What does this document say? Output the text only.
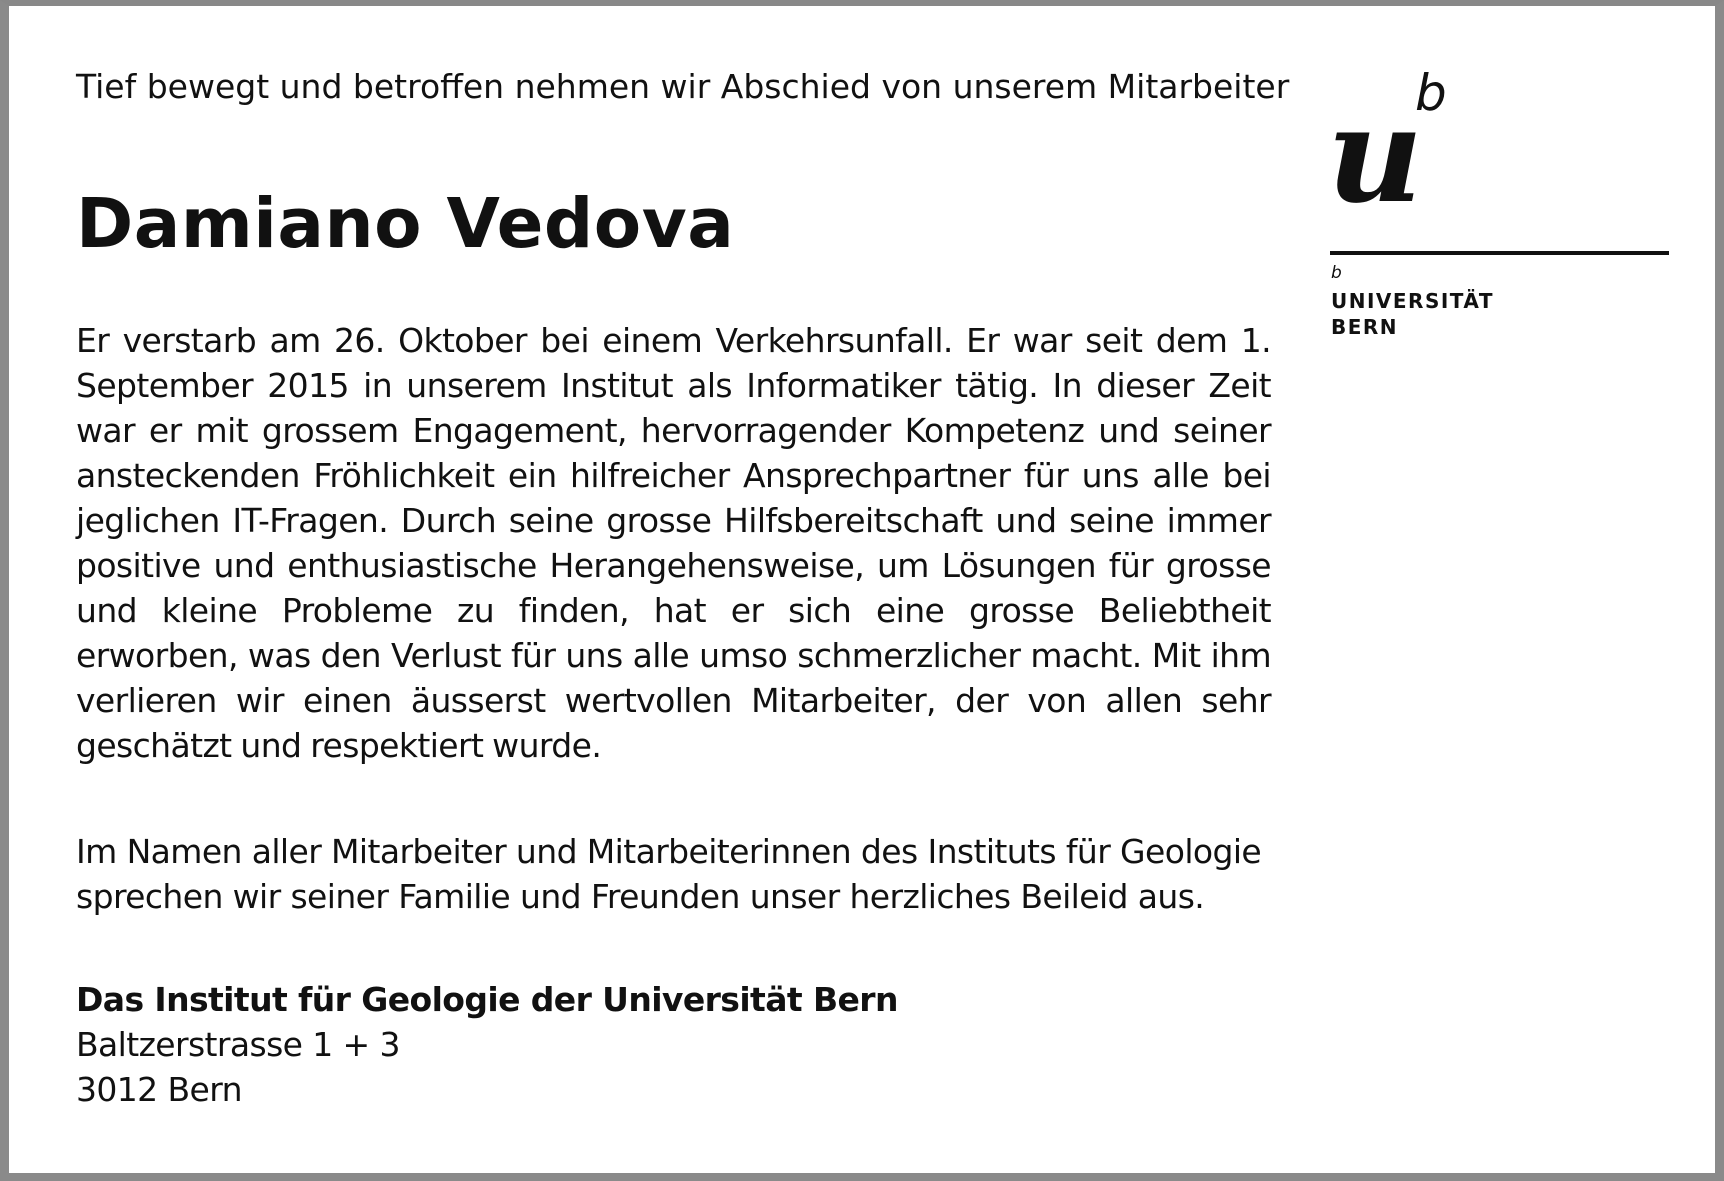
Tief bewegt und betroffen nehmen wir Abschied von unserem Mitarbeiter
Damiano Vedova
Er verstarb am 26. Oktober bei einem Verkehrsunfall. Er war seit dem 1. September 2015 in unserem Institut als Informatiker tätig. In dieser Zeit war er mit grossem Engagement, hervorragender Kompetenz und seiner ansteckenden Fröhlichkeit ein hilfreicher Ansprechpartner für uns alle bei jeglichen IT-Fragen. Durch seine grosse Hilfsbereitschaft und seine immer positive und enthusiastische Herangehensweise, um Lösungen für grosse und kleine Probleme zu finden, hat er sich eine grosse Beliebtheit erworben, was den Verlust für uns alle umso schmerzlicher macht. Mit ihm verlieren wir einen äusserst wertvollen Mitarbeiter, der von allen sehr geschätzt und respektiert wurde.
Im Namen aller Mitarbeiter und Mitarbeiterinnen des Instituts für Geologie sprechen wir seiner Familie und Freunden unser herzliches Beileid aus.
Das Institut für Geologie der Universität Bern
Baltzerstrasse 1 + 3
3012 Bern
u
b
b
UNIVERSITÄT
BERN
